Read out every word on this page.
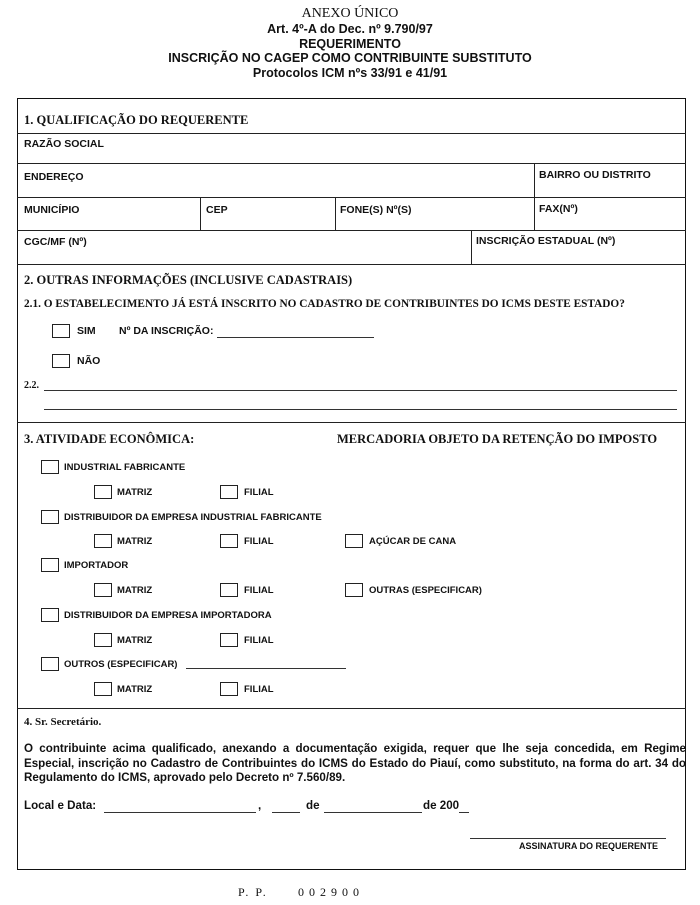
ANEXO ÚNICO
Art. 4º-A do Dec. nº 9.790/97
REQUERIMENTO
INSCRIÇÃO NO CAGEP COMO CONTRIBUINTE SUBSTITUTO
Protocolos ICM nºs 33/91 e 41/91
1. QUALIFICAÇÃO DO REQUERENTE
RAZÃO SOCIAL
ENDEREÇO	BAIRRO OU DISTRITO
MUNICÍPIO	CEP	FONE(S) Nº(S)	FAX(Nº)
CGC/MF (Nº)	INSCRIÇÃO ESTADUAL (Nº)
2. OUTRAS INFORMAÇÕES (INCLUSIVE CADASTRAIS)
2.1. O ESTABELECIMENTO JÁ ESTÁ INSCRITO NO CADASTRO DE CONTRIBUINTES DO ICMS DESTE ESTADO?
SIM Nº DA INSCRIÇÃO:
NÃO
2.2.
3. ATIVIDADE ECONÔMICA:	MERCADORIA OBJETO DA RETENÇÃO DO IMPOSTO
INDUSTRIAL FABRICANTE
MATRIZ	FILIAL
DISTRIBUIDOR DA EMPRESA INDUSTRIAL FABRICANTE
MATRIZ	FILIAL	AÇÚCAR DE CANA
IMPORTADOR
MATRIZ	FILIAL	OUTRAS (ESPECIFICAR)
DISTRIBUIDOR DA EMPRESA IMPORTADORA
MATRIZ	FILIAL
OUTROS (ESPECIFICAR)
MATRIZ	FILIAL
4. Sr. Secretário.
O contribuinte acima qualificado, anexando a documentação exigida, requer que lhe seja concedida, em Regime Especial, inscrição no Cadastro de Contribuintes do ICMS do Estado do Piauí, como substituto, na forma do art. 34 do Regulamento do ICMS, aprovado pelo Decreto nº 7.560/89.
Local e Data:	,	de	de 200
ASSINATURA DO REQUERENTE
P. P.	0 0 2 9 0 0
